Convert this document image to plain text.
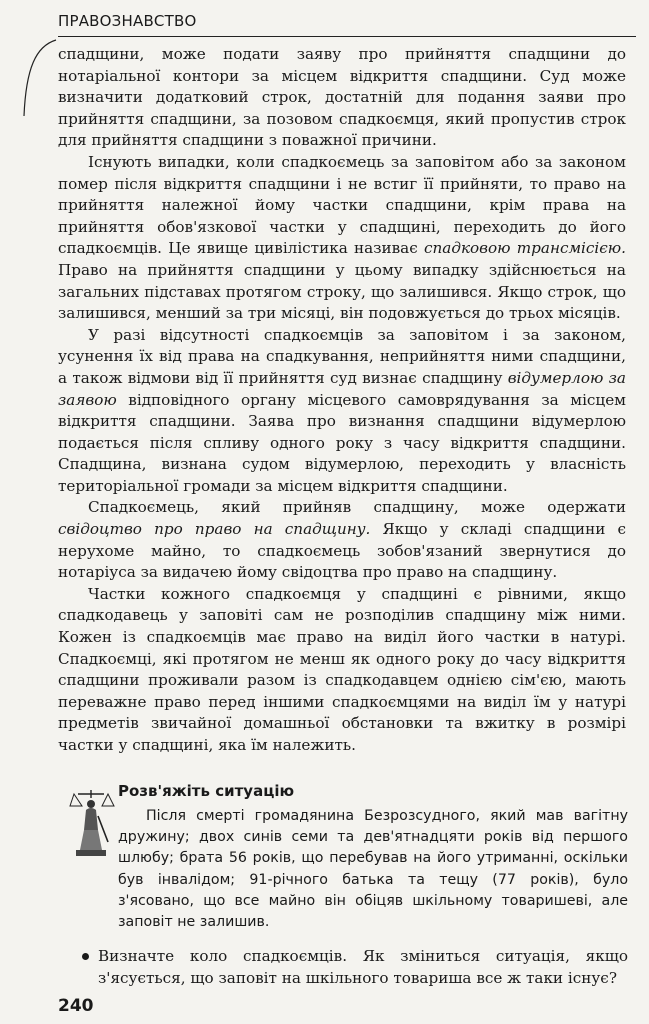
ПРАВОЗНАВСТВО

спадщини, може подати заяву про прийняття спадщини до нотаріальної контори за місцем відкриття спадщини. Суд може визначити додатковий строк, достатній для подання заяви про прийняття спадщини, за позовом спадкоємця, який пропустив строк для прийняття спадщини з поважної причини.

Існують випадки, коли спадкоємець за заповітом або за законом помер після відкриття спадщини і не встиг її прийняти, то право на прийняття належної йому частки спадщини, крім права на прийняття обов'язкової частки у спадщині, переходить до його спадкоємців. Це явище цивілістика називає спадковою трансмісією. Право на прийняття спадщини у цьому випадку здійснюється на загальних підставах протягом строку, що залишився. Якщо строк, що залишився, менший за три місяці, він подовжується до трьох місяців.

У разі відсутності спадкоємців за заповітом і за законом, усунення їх від права на спадкування, неприйняття ними спадщини, а також відмови від її прийняття суд визнає спадщину відумерлою за заявою відповідного органу місцевого самоврядування за місцем відкриття спадщини. Заява про визнання спадщини відумерлою подається після спливу одного року з часу відкриття спадщини. Спадщина, визнана судом відумерлою, переходить у власність територіальної громади за місцем відкриття спадщини.

Спадкоємець, який прийняв спадщину, може одержати свідоцтво про право на спадщину. Якщо у складі спадщини є нерухоме майно, то спадкоємець зобов'язаний звернутися до нотаріуса за видачею йому свідоцтва про право на спадщину.

Частки кожного спадкоємця у спадщині є рівними, якщо спадкодавець у заповіті сам не розподілив спадщину між ними. Кожен із спадкоємців має право на виділ його частки в натурі. Спадкоємці, які протягом не менш як одного року до часу відкриття спадщини проживали разом із спадкодавцем однією сім'єю, мають переважне право перед іншими спадкоємцями на виділ їм у натурі предметів звичайної домашньої обстановки та вжитку в розмірі частки у спадщині, яка їм належить.

Розв'яжіть ситуацію
Після смерті громадянина Безрозсудного, який мав вагітну дружину; двох синів семи та дев'ятнадцяти років від першого шлюбу; брата 56 років, що перебував на його утриманні, оскільки був інвалідом; 91-річного батька та тещу (77 років), було з'ясовано, що все майно він обіцяв шкільному товаришеві, але заповіт не залишив.
Визначте коло спадкоємців. Як зміниться ситуація, якщо з'ясується, що заповіт на шкільного товариша все ж таки існує?
240
